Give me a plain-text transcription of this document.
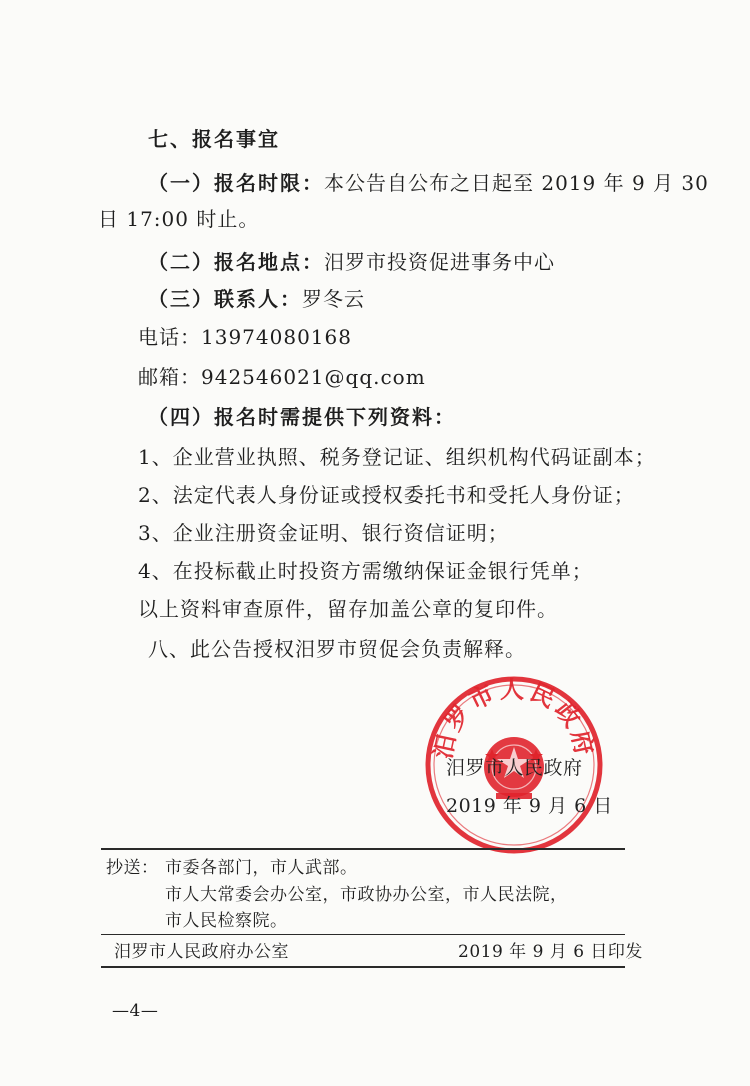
七、报名事宜
（一）报名时限：本公告自公布之日起至 2019 年 9 月 30
日 17:00 时止。
（二）报名地点：汨罗市投资促进事务中心
（三）联系人：罗冬云
电话：13974080168
邮箱：942546021@qq.com
（四）报名时需提供下列资料：
1、企业营业执照、税务登记证、组织机构代码证副本；
2、法定代表人身份证或授权委托书和受托人身份证；
3、企业注册资金证明、银行资信证明；
4、在投标截止时投资方需缴纳保证金银行凭单；
以上资料审查原件，留存加盖公章的复印件。
八、此公告授权汨罗市贸促会负责解释。
汨罗市人民政府
汨罗市人民政府
2019 年 9 月 6 日
抄送： 市委各部门，市人武部。
市人大常委会办公室，市政协办公室，市人民法院，
市人民检察院。
汨罗市人民政府办公室	2019 年 9 月 6 日印发
—4—
